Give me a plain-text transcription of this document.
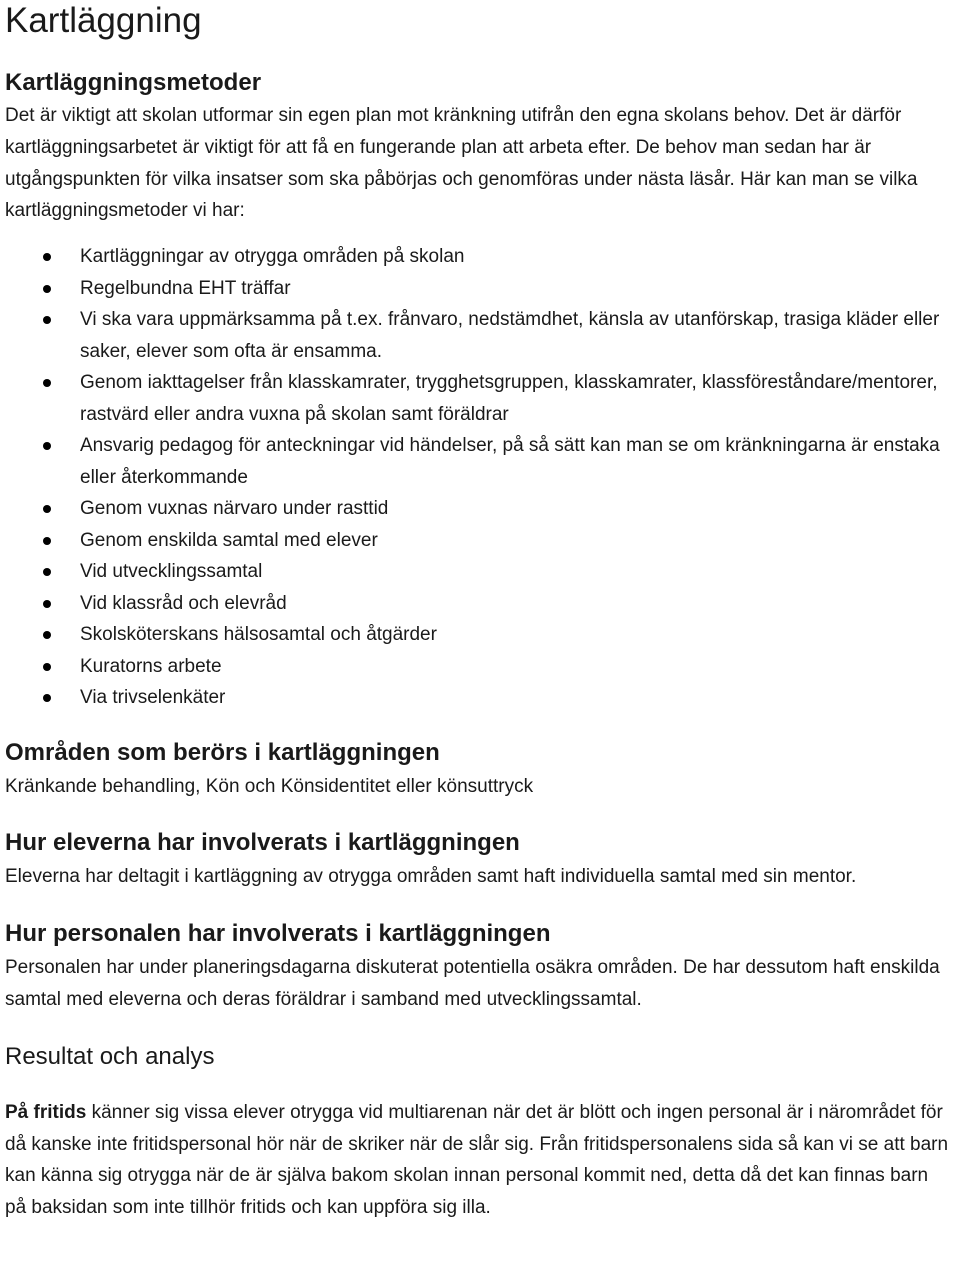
Kartläggning
Kartläggningsmetoder

Det är viktigt att skolan utformar sin egen plan mot kränkning utifrån den egna skolans behov. Det är därför kartläggningsarbetet är viktigt för att få en fungerande plan att arbeta efter. De behov man sedan har är utgångspunkten för vilka insatser som ska påbörjas och genomföras under nästa läsår. Här kan man se vilka kartläggningsmetoder vi har:

Kartläggningar av otrygga områden på skolan
Regelbundna EHT träffar
Vi ska vara uppmärksamma på t.ex. frånvaro, nedstämdhet, känsla av utanförskap, trasiga kläder eller saker, elever som ofta är ensamma.
Genom iakttagelser från klasskamrater, trygghetsgruppen, klasskamrater, klassföreståndare/mentorer, rastvärd eller andra vuxna på skolan samt föräldrar
Ansvarig pedagog för anteckningar vid händelser, på så sätt kan man se om kränkningarna är enstaka eller återkommande
Genom vuxnas närvaro under rasttid
Genom enskilda samtal med elever
Vid utvecklingssamtal
Vid klassråd och elevråd
Skolsköterskans hälsosamtal och åtgärder
Kuratorns arbete
Via trivselenkäter
Områden som berörs i kartläggningen

Kränkande behandling, Kön och Könsidentitet eller könsuttryck

Hur eleverna har involverats i kartläggningen

Eleverna har deltagit i kartläggning av otrygga områden samt haft individuella samtal med sin mentor.

Hur personalen har involverats i kartläggningen

Personalen har under planeringsdagarna diskuterat potentiella osäkra områden. De har dessutom haft enskilda samtal med eleverna och deras föräldrar i samband med utvecklingssamtal.

Resultat och analys

På fritids känner sig vissa elever otrygga vid multiarenan när det är blött och ingen personal är i närområdet för då kanske inte fritidspersonal hör när de skriker när de slår sig. Från fritidspersonalens sida så kan vi se att barn kan känna sig otrygga när de är själva bakom skolan innan personal kommit ned, detta då det kan finnas barn på baksidan som inte tillhör fritids och kan uppföra sig illa.
